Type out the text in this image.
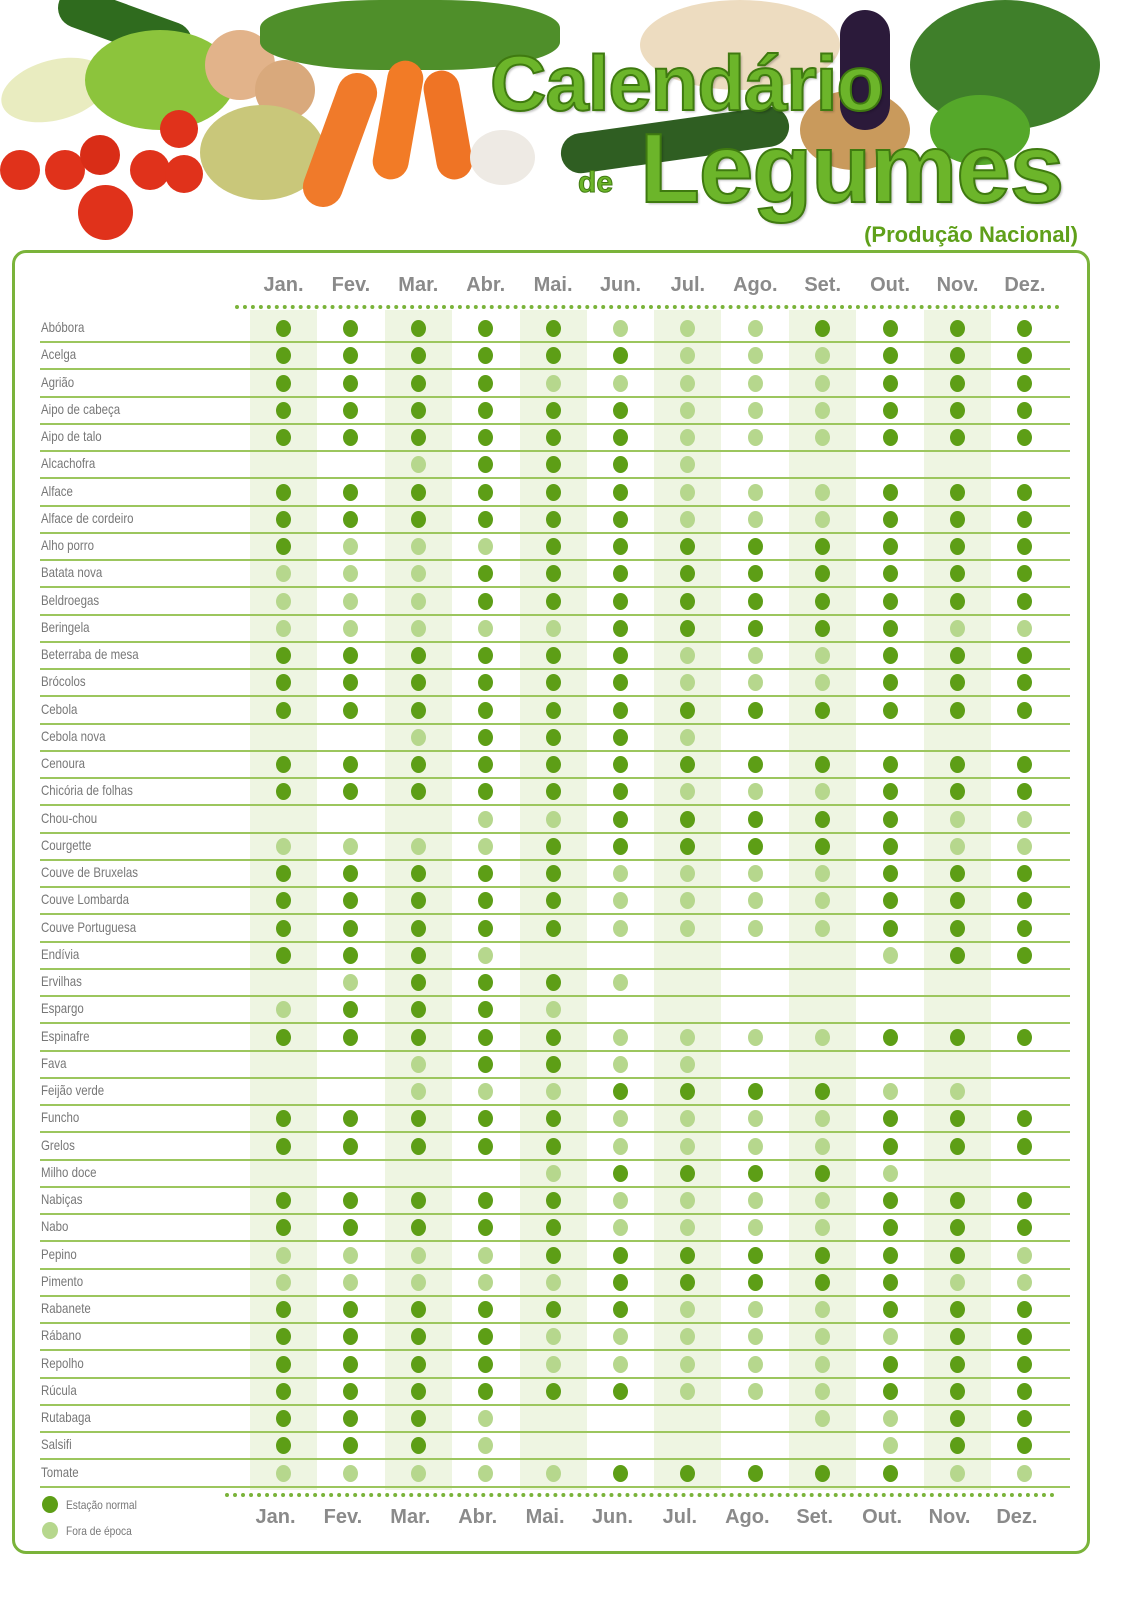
Calendário
de Legumes
(Produção Nacional)
Jan.
Jan.
Fev.
Fev.
Mar.
Mar.
Abr.
Abr.
Mai.
Mai.
Jun.
Jun.
Jul.
Jul.
Ago.
Ago.
Set.
Set.
Out.
Out.
Nov.
Nov.
Dez.
Dez.
Abóbora
Acelga
Agrião
Aipo de cabeça
Aipo de talo
Alcachofra
Alface
Alface de cordeiro
Alho porro
Batata nova
Beldroegas
Beringela
Beterraba de mesa
Brócolos
Cebola
Cebola nova
Cenoura
Chicória de folhas
Chou-chou
Courgette
Couve de Bruxelas
Couve Lombarda
Couve Portuguesa
Endívia
Ervilhas
Espargo
Espinafre
Fava
Feijão verde
Funcho
Grelos
Milho doce
Nabiças
Nabo
Pepino
Pimento
Rabanete
Rábano
Repolho
Rúcula
Rutabaga
Salsifi
Tomate
Estação normal
Fora de época
